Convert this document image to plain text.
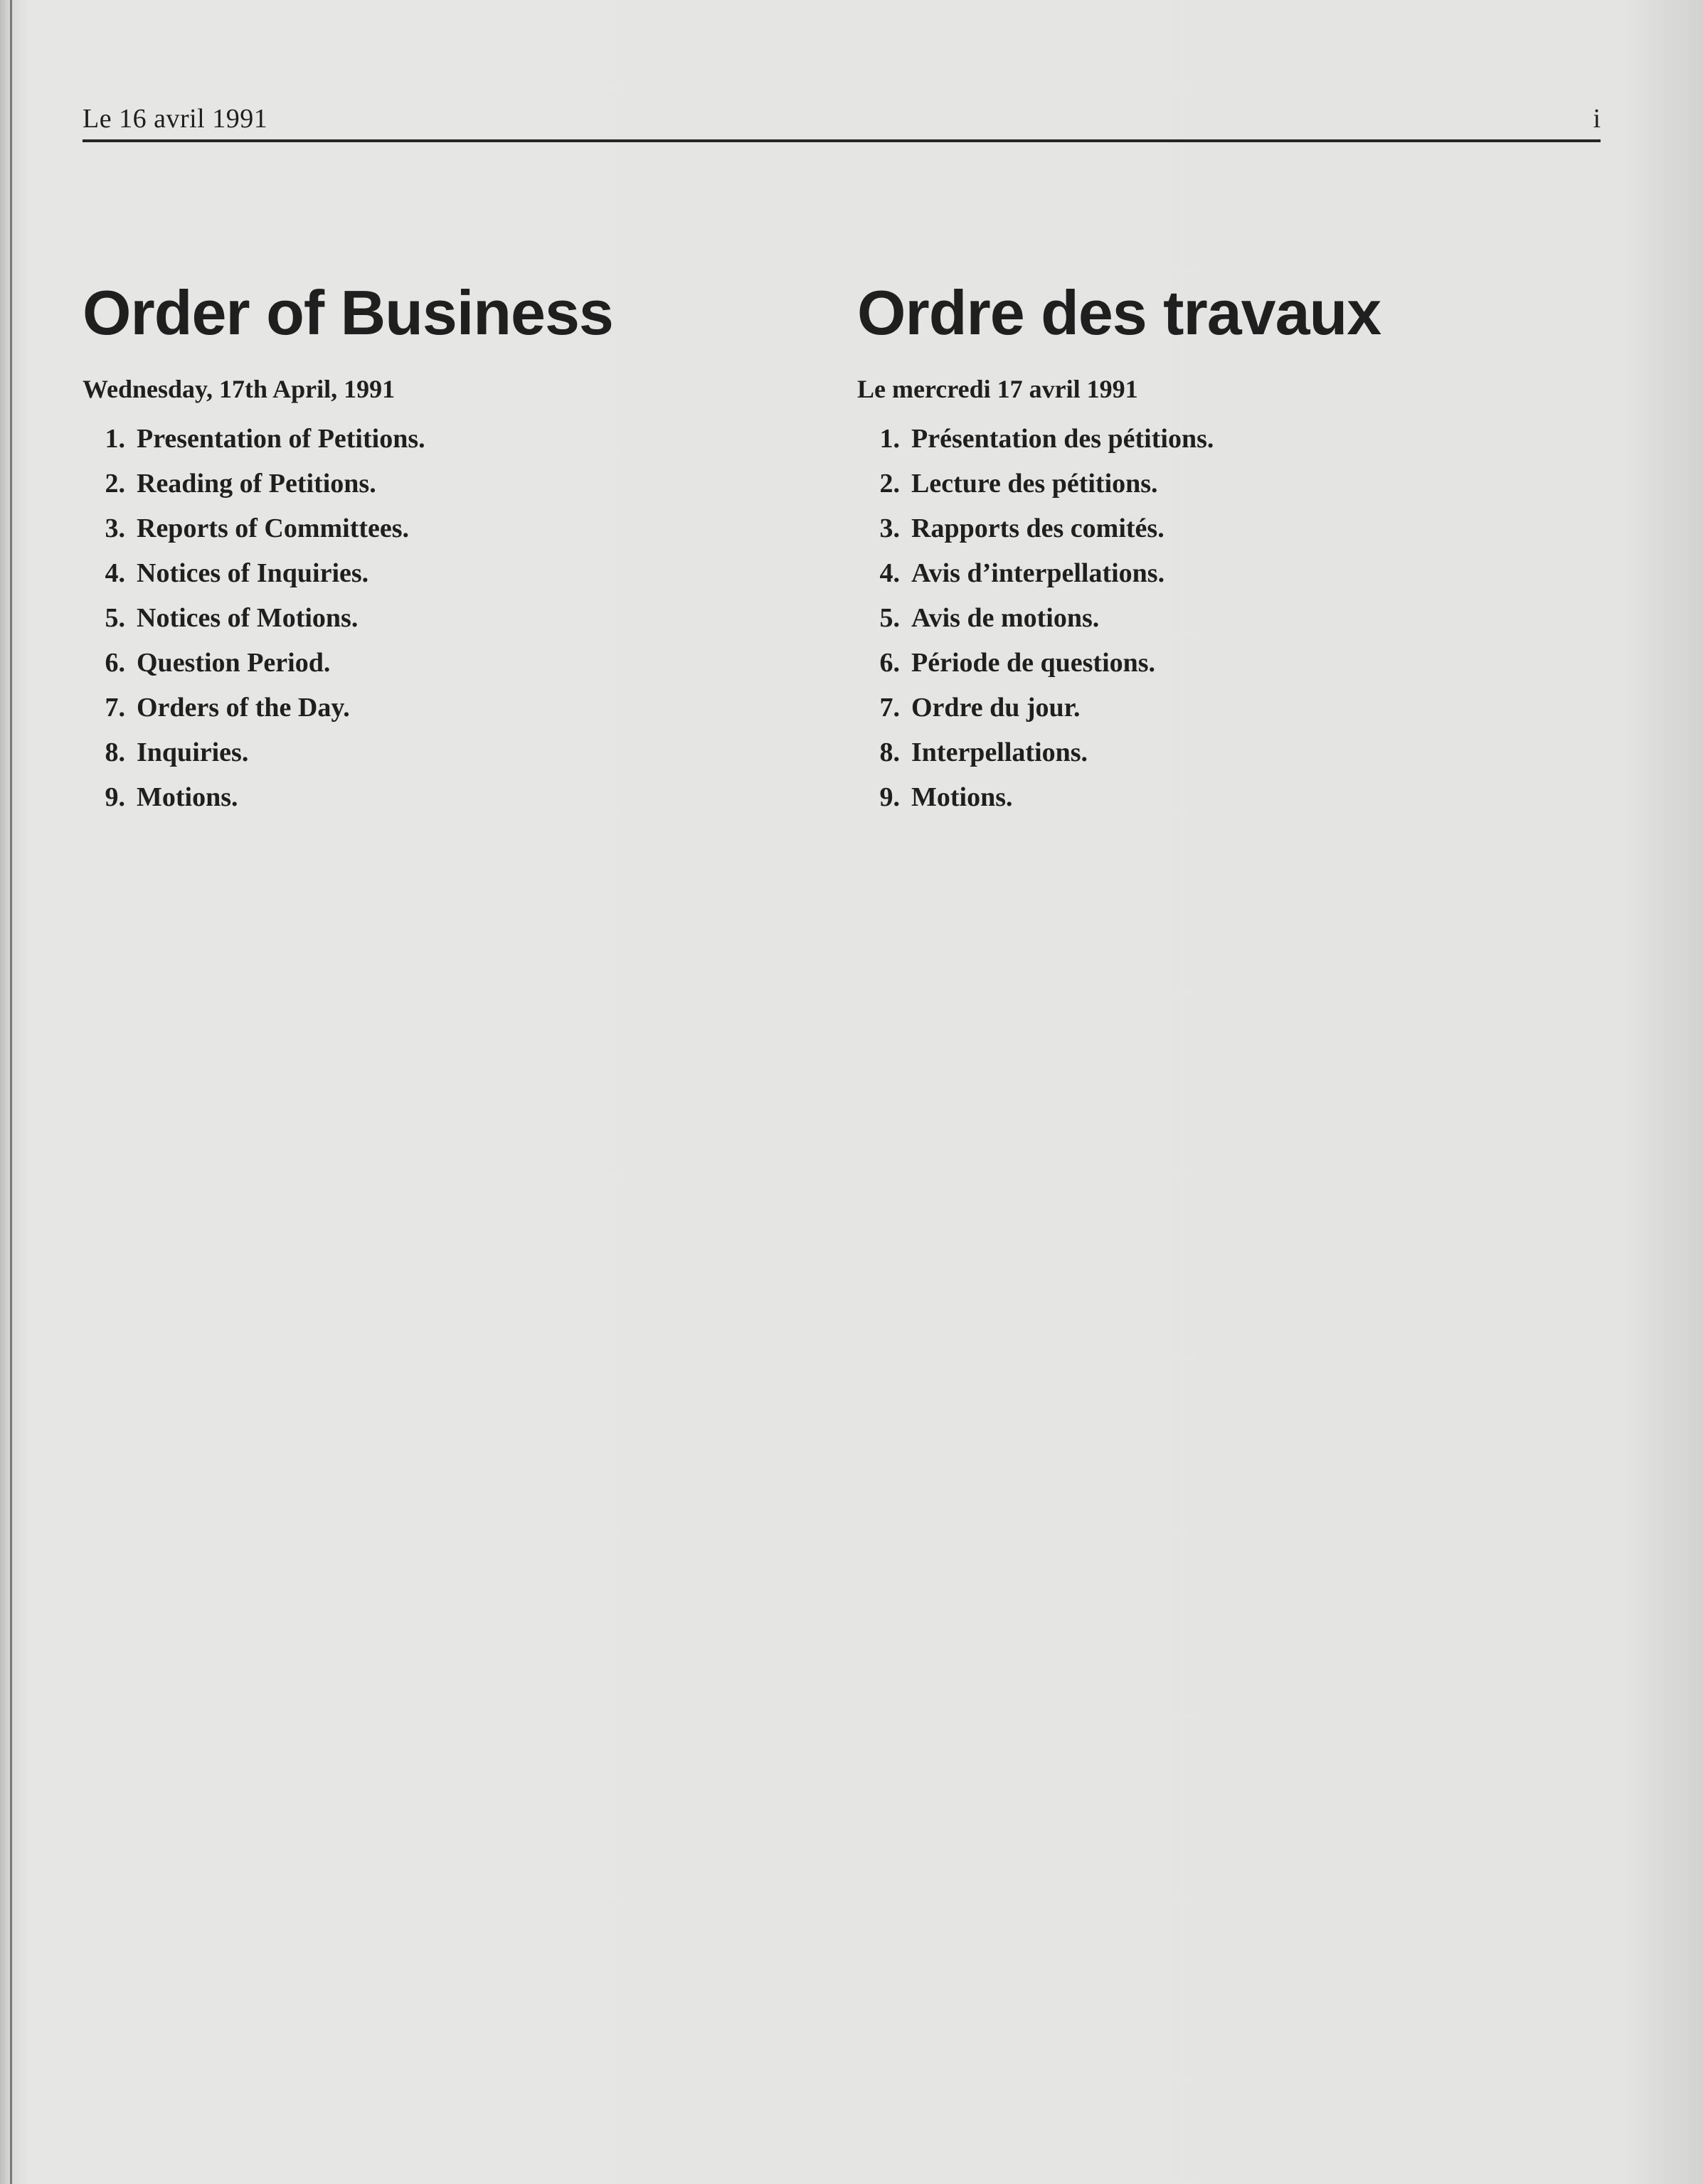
Le 16 avril 1991	i
Order of Business
Wednesday, 17th April, 1991
1. Presentation of Petitions.
2. Reading of Petitions.
3. Reports of Committees.
4. Notices of Inquiries.
5. Notices of Motions.
6. Question Period.
7. Orders of the Day.
8. Inquiries.
9. Motions.
Ordre des travaux
Le mercredi 17 avril 1991
1. Présentation des pétitions.
2. Lecture des pétitions.
3. Rapports des comités.
4. Avis d’interpellations.
5. Avis de motions.
6. Période de questions.
7. Ordre du jour.
8. Interpellations.
9. Motions.
